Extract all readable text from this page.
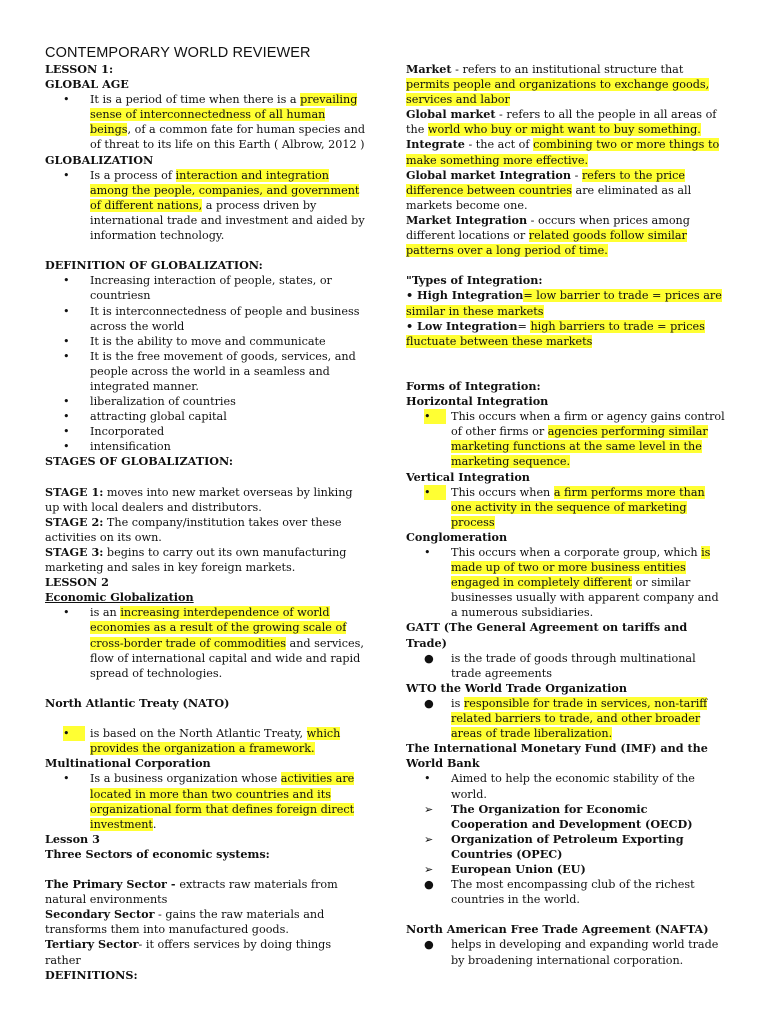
CONTEMPORARY WORLD REVIEWER
LESSON 1:
GLOBAL AGE
•	It is a period of time when there is a prevailing sense of interconnectedness of all human beings, of a common fate for human species and of threat to its life on this Earth ( Albrow, 2012 )
GLOBALIZATION
•	Is a process of interaction and integration among the people, companies, and government of different nations, a process driven by international trade and investment and aided by information technology.
DEFINITION OF GLOBALIZATION:
•	Increasing interaction of people, states, or countriesn
•	It is interconnectedness of people and business across the world
•	It is the ability to move and communicate
•	It is the free movement of goods, services, and people across the world in a seamless and integrated manner.
•	liberalization of countries
•	attracting global capital
•	Incorporated
•	intensification
STAGES OF GLOBALIZATION:
STAGE 1: moves into new market overseas by linking up with local dealers and distributors.
STAGE 2: The company/institution takes over these activities on its own.
STAGE 3: begins to carry out its own manufacturing marketing and sales in key foreign markets.
LESSON 2
Economic Globalization
•	is an increasing interdependence of world economies as a result of the growing scale of cross-border trade of commodities and services, flow of international capital and wide and rapid spread of technologies.
North Atlantic Treaty (NATO)
•	is based on the North Atlantic Treaty, which provides the organization a framework.
Multinational Corporation
•	Is a business organization whose activities are located in more than two countries and its organizational form that defines foreign direct investment.
Lesson 3
Three Sectors of economic systems:
The Primary Sector - extracts raw materials from natural environments
Secondary Sector - gains the raw materials and transforms them into manufactured goods.
Tertiary Sector- it offers services by doing things rather
DEFINITIONS:
Market - refers to an institutional structure that permits people and organizations to exchange goods, services and labor
Global market - refers to all the people in all areas of the world who buy or might want to buy something.
Integrate - the act of combining two or more things to make something more effective.
Global market Integration - refers to the price difference between countries are eliminated as all markets become one.
Market Integration - occurs when prices among different locations or related goods follow similar patterns over a long period of time.
"Types of Integration:
• High Integration= low barrier to trade = prices are similar in these markets
• Low Integration= high barriers to trade = prices fluctuate between these markets
Forms of Integration:
Horizontal Integration
•	This occurs when a firm or agency gains control of other firms or agencies performing similar marketing functions at the same level in the marketing sequence.
Vertical Integration
•	This occurs when a firm performs more than one activity in the sequence of marketing process
Conglomeration
•	This occurs when a corporate group, which is made up of two or more business entities engaged in completely different or similar businesses usually with apparent company and a numerous subsidiaries.
GATT (The General Agreement on tariffs and Trade)
●	is the trade of goods through multinational trade agreements
WTO the World Trade Organization
●	is responsible for trade in services, non-tariff related barriers to trade, and other broader areas of trade liberalization.
The International Monetary Fund (IMF) and the World Bank
•	Aimed to help the economic stability of the world.
➢	The Organization for Economic Cooperation and Development (OECD)
➢	Organization of Petroleum Exporting Countries (OPEC)
➢	European Union (EU)
●	The most encompassing club of the richest countries in the world.
North American Free Trade Agreement (NAFTA)
●	helps in developing and expanding world trade by broadening international corporation.
